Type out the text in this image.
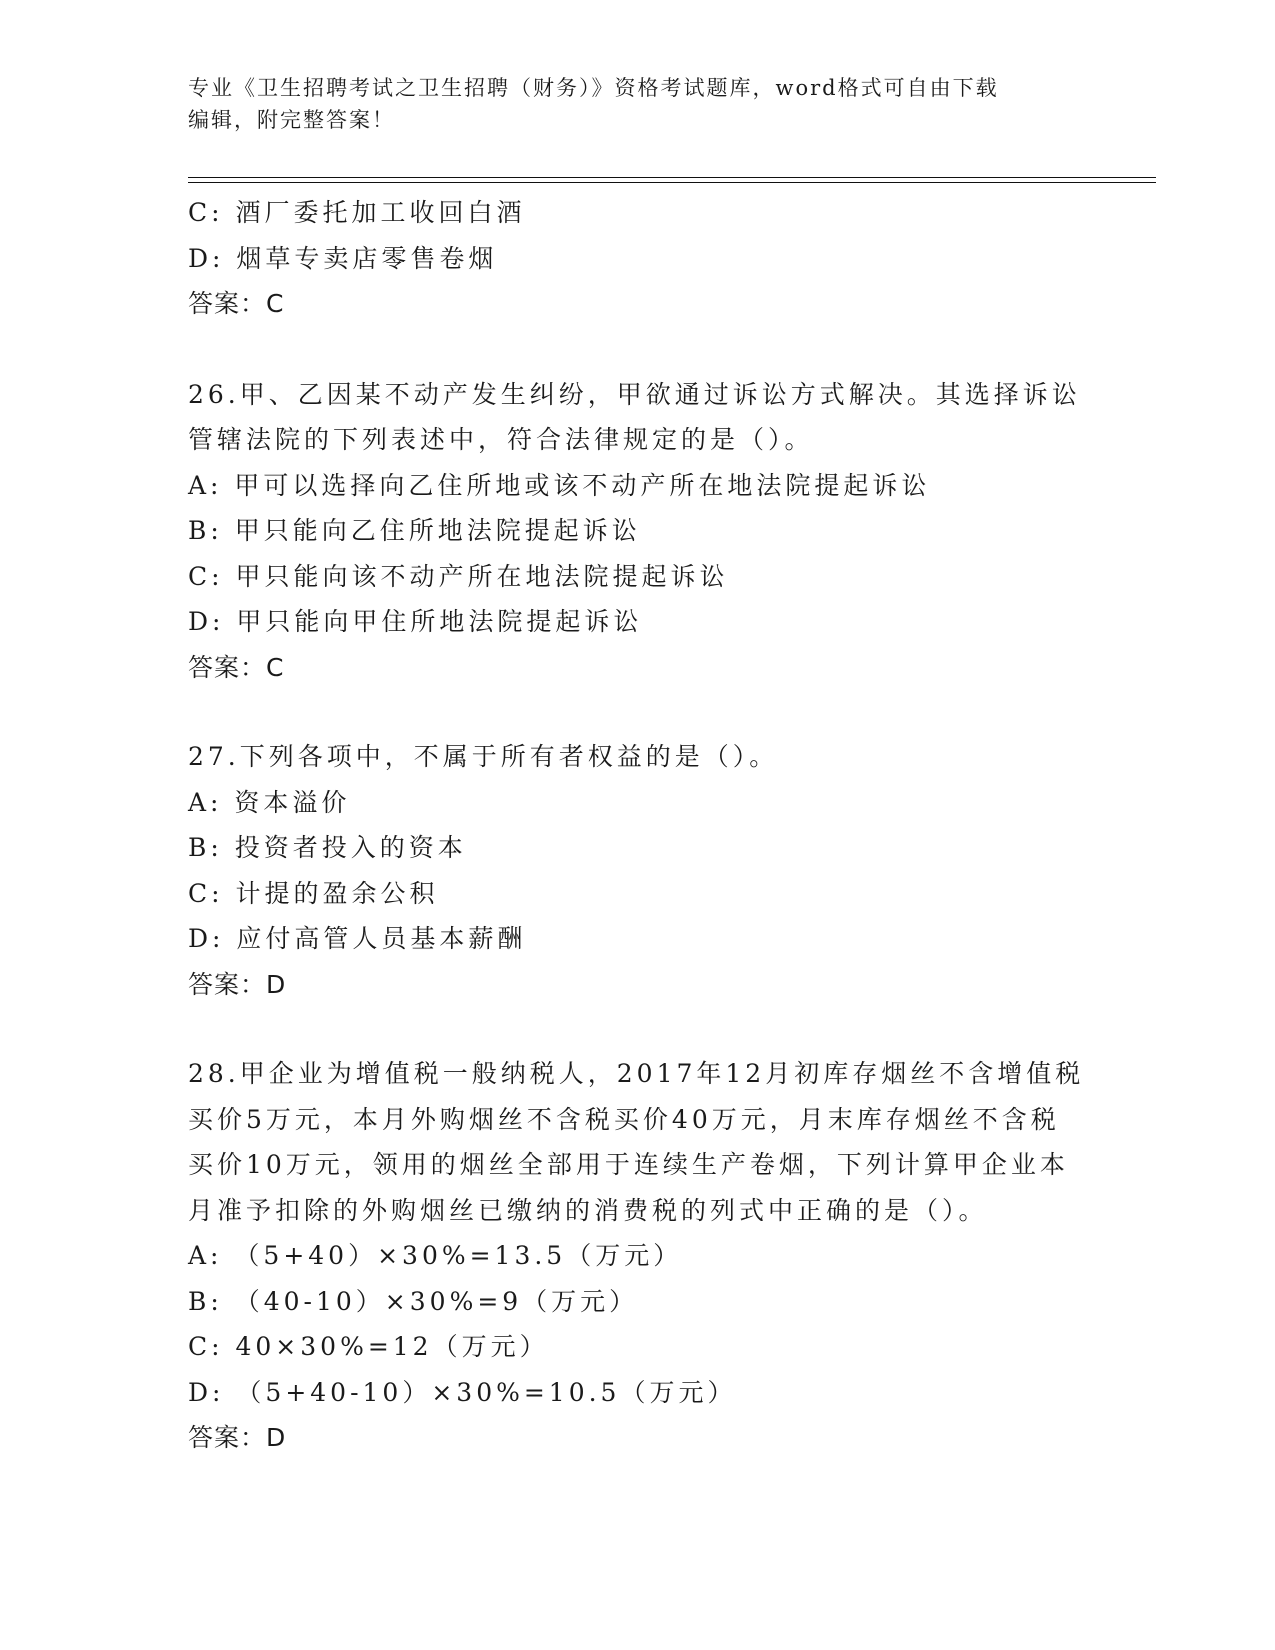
专业《卫生招聘考试之卫生招聘（财务）》资格考试题库，word格式可自由下载
编辑，附完整答案！
C: 酒厂委托加工收回白酒
D: 烟草专卖店零售卷烟
答案：C
26.甲、乙因某不动产发生纠纷，甲欲通过诉讼方式解决。其选择诉讼
管辖法院的下列表述中，符合法律规定的是（）。
A: 甲可以选择向乙住所地或该不动产所在地法院提起诉讼
B: 甲只能向乙住所地法院提起诉讼
C: 甲只能向该不动产所在地法院提起诉讼
D: 甲只能向甲住所地法院提起诉讼
答案：C
27.下列各项中，不属于所有者权益的是（）。
A: 资本溢价
B: 投资者投入的资本
C: 计提的盈余公积
D: 应付高管人员基本薪酬
答案：D
28.甲企业为增值税一般纳税人，2017年12月初库存烟丝不含增值税
买价5万元，本月外购烟丝不含税买价40万元，月末库存烟丝不含税
买价10万元，领用的烟丝全部用于连续生产卷烟，下列计算甲企业本
月准予扣除的外购烟丝已缴纳的消费税的列式中正确的是（）。
A: （5+40）×30%=13.5（万元）
B: （40-10）×30%=9（万元）
C: 40×30%=12（万元）
D: （5+40-10）×30%=10.5（万元）
答案：D
